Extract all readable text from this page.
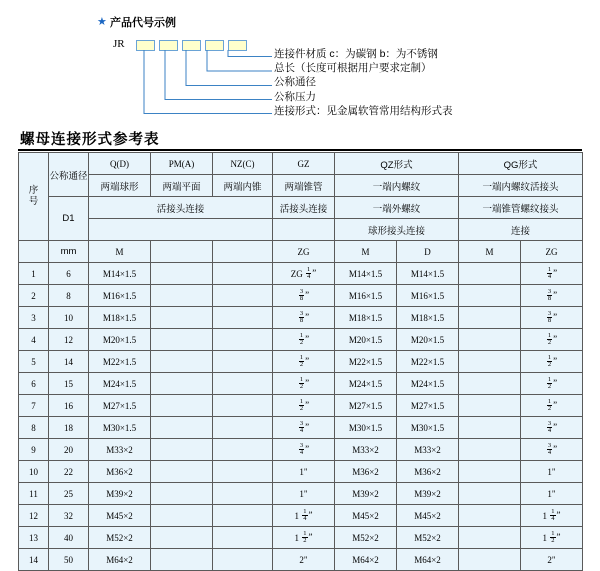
★ 产品代号示例
JR
连接件材质 c：为碳钢 b：为不锈钢
总长（长度可根据用户要求定制）
公称通径
公称压力
连接形式：见金属软管常用结构形式表
螺母连接形式参考表
序
号	公称通径	Q(D)	PM(A)	NZ(C)	GZ	QZ形式		QG形式	
		两端球形	两端平面	两端内锥	两端锥管	一端内螺纹		一端内螺纹活接头	
	D1	活接头连接			活接头连接	一端外螺纹		一端锥管螺纹接头	
						球形接头连接		连接	
	mm	M			ZG	M	D	M	ZG
1	6	M14×1.5			ZG $\frac{1}{4}$ ”	M14×1.5	M14×1.5		$\frac{1}{4}$ ”
2	8	M16×1.5			$\frac{3}{8}$ ”	M16×1.5	M16×1.5		$\frac{3}{8}$ ”
3	10	M18×1.5			$\frac{3}{8}$ ”	M18×1.5	M18×1.5		$\frac{3}{8}$ ”
4	12	M20×1.5			$\frac{1}{2}$ ”	M20×1.5	M20×1.5		$\frac{1}{2}$ ”
5	14	M22×1.5			$\frac{1}{2}$ ”	M22×1.5	M22×1.5		$\frac{1}{2}$ ”
6	15	M24×1.5			$\frac{1}{2}$ ”	M24×1.5	M24×1.5		$\frac{1}{2}$ ”
7	16	M27×1.5			$\frac{1}{2}$ ”	M27×1.5	M27×1.5		$\frac{1}{2}$ ”
8	18	M30×1.5			$\frac{3}{4}$ ”	M30×1.5	M30×1.5		$\frac{3}{4}$ ”
9	20	M33×2			$\frac{3}{4}$ ”	M33×2	M33×2		$\frac{3}{4}$ ”
10	22	M36×2			1"	M36×2	M36×2		1"
11	25	M39×2			1"	M39×2	M39×2		1"
12	32	M45×2			$1 \frac{1}{4}$ ”	M45×2	M45×2		$1 \frac{1}{4}$ ”
13	40	M52×2			$1 \frac{1}{2}$ ”	M52×2	M52×2		$1 \frac{1}{2}$ ”
14	50	M64×2			2"	M64×2	M64×2		2"
